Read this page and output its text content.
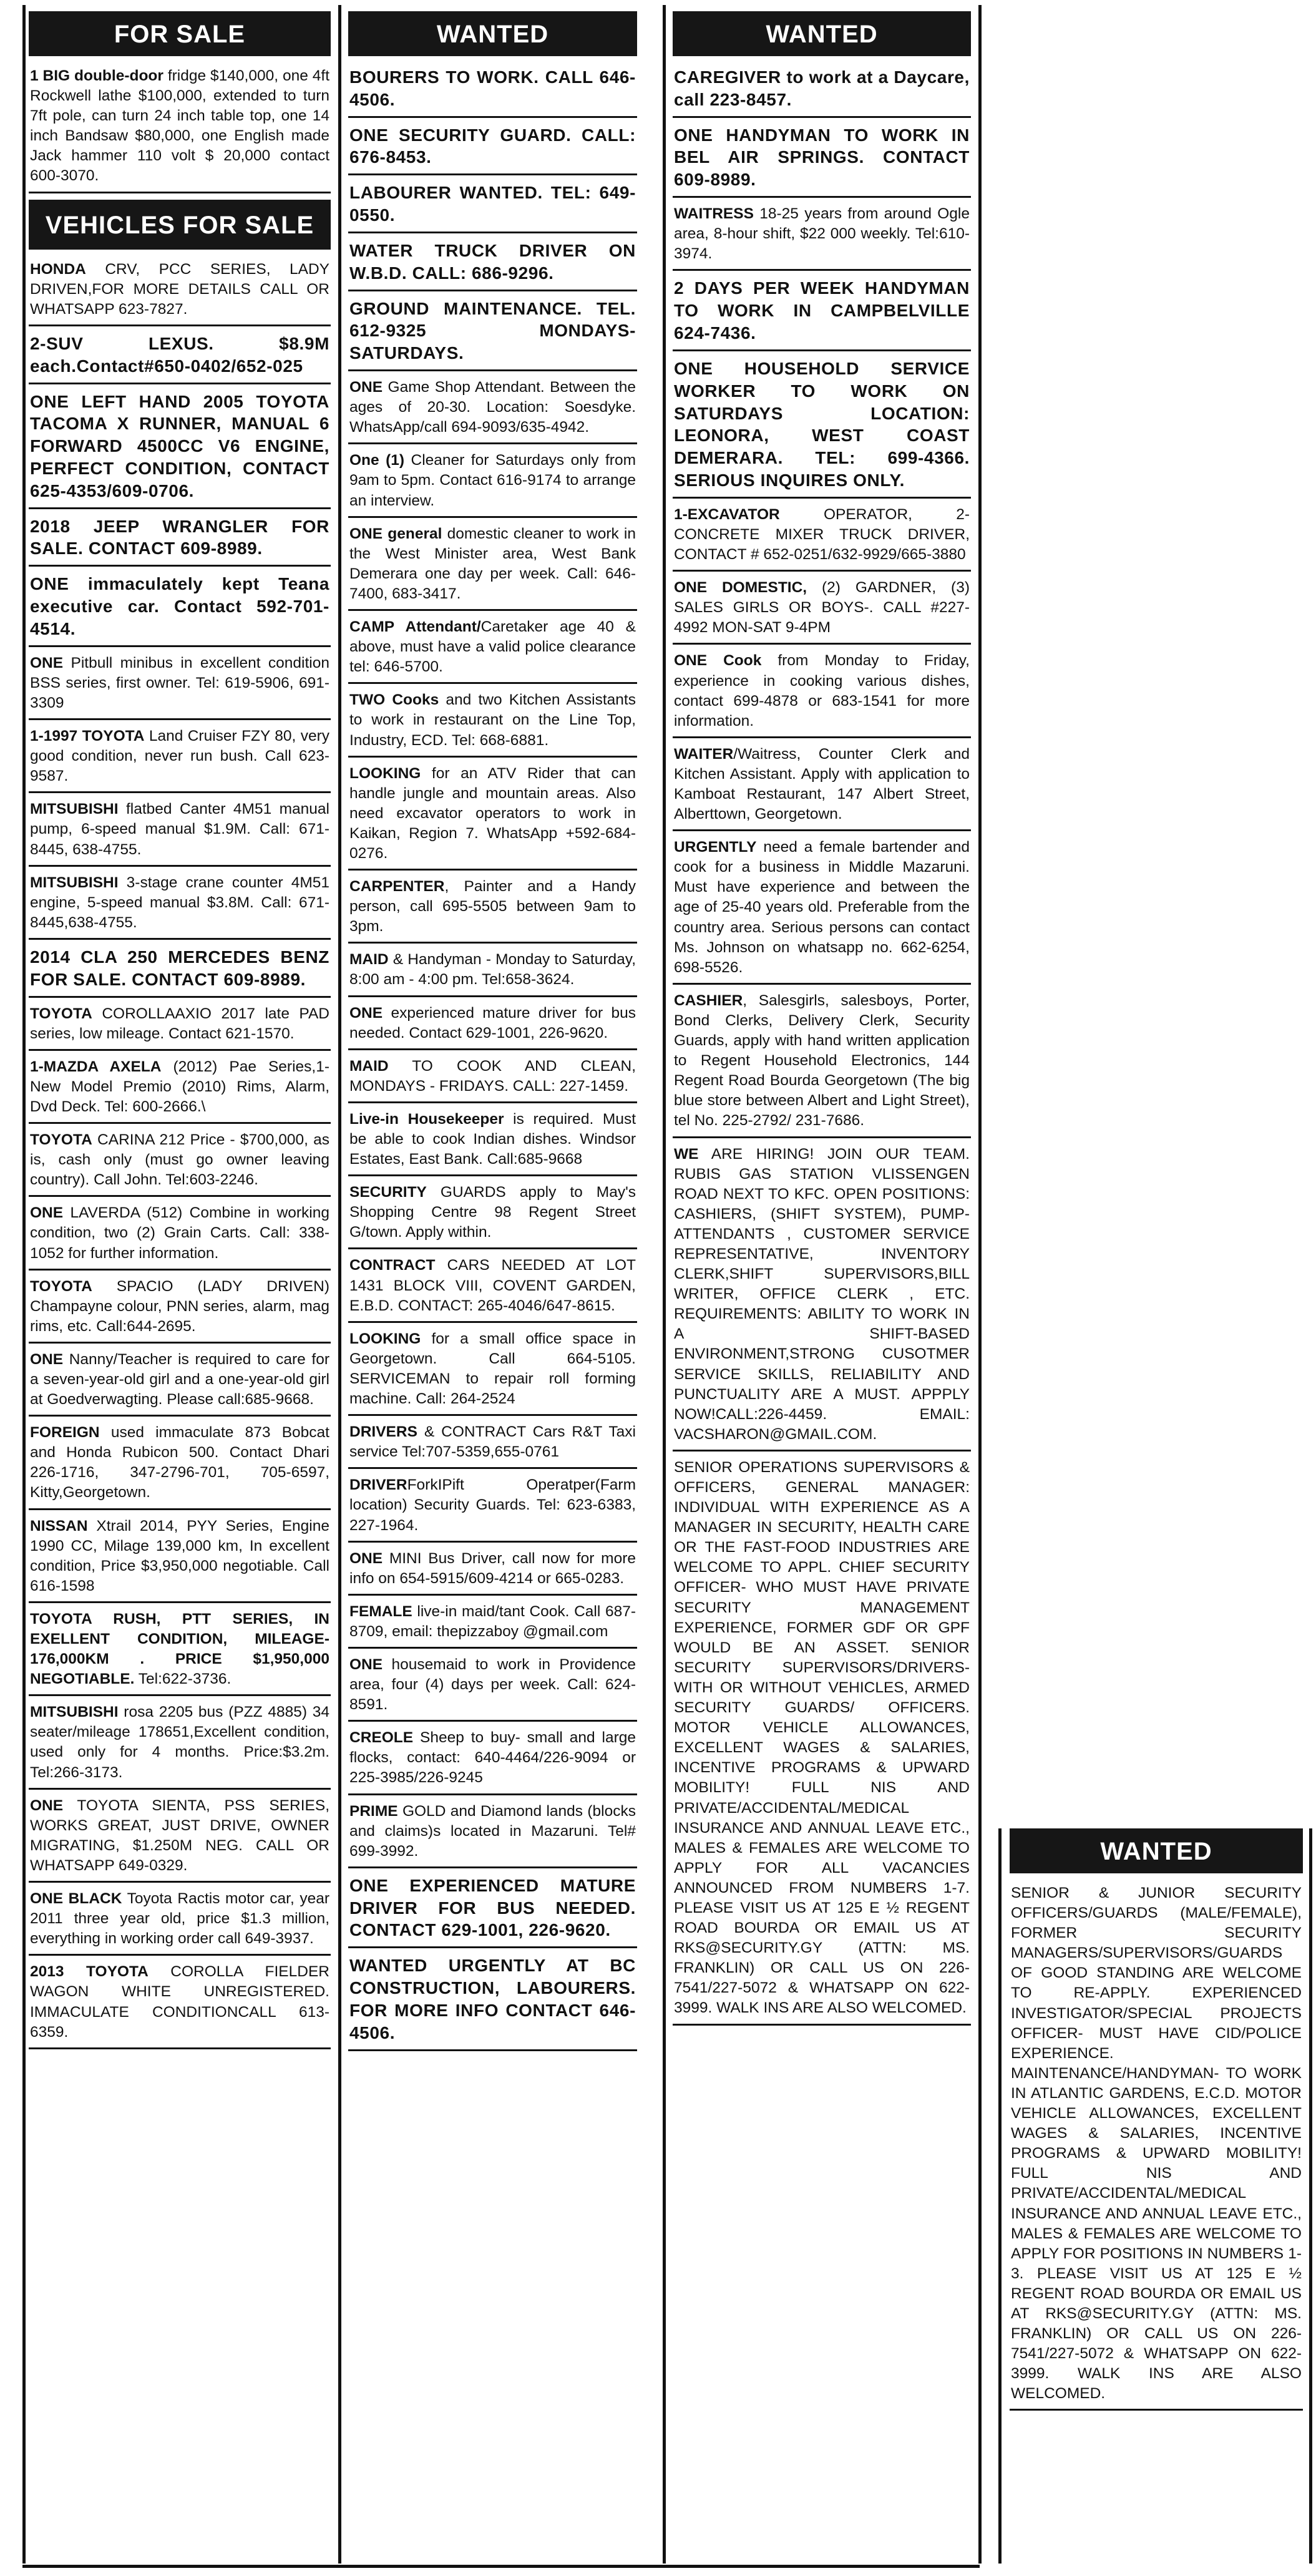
FOR SALE
1 BIG double-door fridge $140,000, one 4ft Rockwell lathe $100,000, extended to turn 7ft pole, can turn 24 inch table top, one 14 inch Bandsaw $80,000, one English made Jack hammer 110 volt $ 20,000 contact 600-3070.
VEHICLES FOR SALE
HONDA CRV, PCC SERIES, LADY DRIVEN,FOR MORE DETAILS CALL OR WHATSAPP 623-7827.
2-SUV LEXUS. $8.9M each.Contact#650-0402/652-025
ONE LEFT HAND 2005 TOYOTA TACOMA X RUNNER, MANUAL 6 FORWARD 4500CC V6 ENGINE, PERFECT CONDITION, CONTACT 625-4353/609-0706.
2018 JEEP WRANGLER FOR SALE. CONTACT 609-8989.
ONE immaculately kept Teana executive car. Contact 592-701-4514.
ONE Pitbull minibus in excellent condition BSS series, first owner. Tel: 619-5906, 691-3309
1-1997 TOYOTA Land Cruiser FZY 80, very good condition, never run bush. Call 623-9587.
MITSUBISHI flatbed Canter 4M51 manual pump, 6-speed manual $1.9M. Call: 671-8445, 638-4755.
MITSUBISHI 3-stage crane counter 4M51 engine, 5-speed manual $3.8M. Call: 671-8445,638-4755.
2014 CLA 250 MERCEDES BENZ FOR SALE. CONTACT 609-8989.
TOYOTA COROLLAAXIO 2017 late PAD series, low mileage. Contact 621-1570.
1-MAZDA AXELA (2012) Pae Series,1- New Model Premio (2010) Rims, Alarm, Dvd Deck. Tel: 600-2666.\
TOYOTA CARINA 212 Price - $700,000, as is, cash only (must go owner leaving country). Call John. Tel:603-2246.
ONE LAVERDA (512) Combine in working condition, two (2) Grain Carts. Call: 338-1052 for further information.
TOYOTA SPACIO (LADY DRIVEN) Champayne colour, PNN series, alarm, mag rims, etc. Call:644-2695.
ONE Nanny/Teacher is required to care for a seven-year-old girl and a one-year-old girl at Goedverwagting. Please call:685-9668.
FOREIGN used immaculate 873 Bobcat and Honda Rubicon 500. Contact Dhari 226-1716, 347-2796-701, 705-6597, Kitty,Georgetown.
NISSAN Xtrail 2014, PYY Series, Engine 1990 CC, Milage 139,000 km, In excellent condition, Price $3,950,000 negotiable. Call 616-1598
TOYOTA RUSH, PTT SERIES, IN EXELLENT CONDITION, MILEAGE-176,000KM . PRICE $1,950,000 NEGOTIABLE. Tel:622-3736.
MITSUBISHI rosa 2205 bus (PZZ 4885) 34 seater/mileage 178651,Excellent condition, used only for 4 months. Price:$3.2m. Tel:266-3173.
ONE TOYOTA SIENTA, PSS SERIES, WORKS GREAT, JUST DRIVE, OWNER MIGRATING, $1.250M NEG. CALL OR WHATSAPP 649-0329.
ONE BLACK Toyota Ractis motor car, year 2011 three year old, price $1.3 million, everything in working order call 649-3937.
2013 TOYOTA COROLLA FIELDER WAGON WHITE UNREGISTERED. IMMACULATE CONDITIONCALL 613-6359.
WANTED
BOURERS TO WORK. CALL 646-4506.
ONE SECURITY GUARD. CALL: 676-8453.
LABOURER WANTED. TEL: 649-0550.
WATER TRUCK DRIVER ON W.B.D. CALL: 686-9296.
GROUND MAINTENANCE. TEL. 612-9325 MONDAYS-SATURDAYS.
ONE Game Shop Attendant. Between the ages of 20-30. Location: Soesdyke. WhatsApp/call 694-9093/635-4942.
One (1) Cleaner for Saturdays only from 9am to 5pm. Contact 616-9174 to arrange an interview.
ONE general domestic cleaner to work in the West Minister area, West Bank Demerara one day per week. Call: 646-7400, 683-3417.
CAMP Attendant/Caretaker age 40 & above, must have a valid police clearance tel: 646-5700.
TWO Cooks and two Kitchen Assistants to work in restaurant on the Line Top, Industry, ECD. Tel: 668-6881.
LOOKING for an ATV Rider that can handle jungle and mountain areas. Also need excavator operators to work in Kaikan, Region 7. WhatsApp +592-684-0276.
CARPENTER, Painter and a Handy person, call 695-5505 between 9am to 3pm.
MAID & Handyman - Monday to Saturday, 8:00 am - 4:00 pm. Tel:658-3624.
ONE experienced mature driver for bus needed. Contact 629-1001, 226-9620.
MAID TO COOK AND CLEAN, MONDAYS - FRIDAYS. CALL: 227-1459.
Live-in Housekeeper is required. Must be able to cook Indian dishes. Windsor Estates, East Bank. Call:685-9668
SECURITY GUARDS apply to May's Shopping Centre 98 Regent Street G/town. Apply within.
CONTRACT CARS NEEDED AT LOT 1431 BLOCK VIII, COVENT GARDEN, E.B.D. CONTACT: 265-4046/647-8615.
LOOKING for a small office space in Georgetown. Call 664-5105. SERVICEMAN to repair roll forming machine. Call: 264-2524
DRIVERS & CONTRACT Cars R&T Taxi service Tel:707-5359,655-0761
DRIVERForkIPift Operatper(Farm location) Security Guards. Tel: 623-6383, 227-1964.
ONE MINI Bus Driver, call now for more info on 654-5915/609-4214 or 665-0283.
FEMALE live-in maid/tant Cook. Call 687-8709, email: thepizzaboy @gmail.com
ONE housemaid to work in Providence area, four (4) days per week. Call: 624-8591.
CREOLE Sheep to buy- small and large flocks, contact: 640-4464/226-9094 or 225-3985/226-9245
PRIME GOLD and Diamond lands (blocks and claims)s located in Mazaruni. Tel# 699-3992.
ONE EXPERIENCED MATURE DRIVER FOR BUS NEEDED. CONTACT 629-1001, 226-9620.
WANTED URGENTLY AT BC CONSTRUCTION, LABOURERS. FOR MORE INFO CONTACT 646-4506.
WANTED
CAREGIVER to work at a Daycare, call 223-8457.
ONE HANDYMAN TO WORK IN BEL AIR SPRINGS. CONTACT 609-8989.
WAITRESS 18-25 years from around Ogle area, 8-hour shift, $22 000 weekly. Tel:610-3974.
2 DAYS PER WEEK HANDYMAN TO WORK IN CAMPBELVILLE 624-7436.
ONE HOUSEHOLD SERVICE WORKER TO WORK ON SATURDAYS LOCATION: LEONORA, WEST COAST DEMERARA. TEL: 699-4366. SERIOUS INQUIRES ONLY.
1-EXCAVATOR OPERATOR, 2- CONCRETE MIXER TRUCK DRIVER, CONTACT # 652-0251/632-9929/665-3880
ONE DOMESTIC, (2) GARDNER, (3) SALES GIRLS OR BOYS-. CALL #227-4992 MON-SAT 9-4PM
ONE Cook from Monday to Friday, experience in cooking various dishes, contact 699-4878 or 683-1541 for more information.
WAITER/Waitress, Counter Clerk and Kitchen Assistant. Apply with application to Kamboat Restaurant, 147 Albert Street, Alberttown, Georgetown.
URGENTLY need a female bartender and cook for a business in Middle Mazaruni. Must have experience and between the age of 25-40 years old. Preferable from the country area. Serious persons can contact Ms. Johnson on whatsapp no. 662-6254, 698-5526.
CASHIER, Salesgirls, salesboys, Porter, Bond Clerks, Delivery Clerk, Security Guards, apply with hand written application to Regent Household Electronics, 144 Regent Road Bourda Georgetown (The big blue store between Albert and Light Street), tel No. 225-2792/ 231-7686.
WE ARE HIRING! JOIN OUR TEAM. RUBIS GAS STATION VLISSENGEN ROAD NEXT TO KFC. OPEN POSITIONS: CASHIERS, (SHIFT SYSTEM), PUMP-ATTENDANTS , CUSTOMER SERVICE REPRESENTATIVE, INVENTORY CLERK,SHIFT SUPERVISORS,BILL WRITER, OFFICE CLERK , ETC. REQUIREMENTS: ABILITY TO WORK IN A SHIFT-BASED ENVIRONMENT,STRONG CUSOTMER SERVICE SKILLS, RELIABILITY AND PUNCTUALITY ARE A MUST. APPPLY NOW!CALL:226-4459. EMAIL: VACSHARON@GMAIL.COM.
SENIOR OPERATIONS SUPERVISORS & OFFICERS, GENERAL MANAGER: INDIVIDUAL WITH EXPERIENCE AS A MANAGER IN SECURITY, HEALTH CARE OR THE FAST-FOOD INDUSTRIES ARE WELCOME TO APPL. CHIEF SECURITY OFFICER- WHO MUST HAVE PRIVATE SECURITY MANAGEMENT EXPERIENCE, FORMER GDF OR GPF WOULD BE AN ASSET. SENIOR SECURITY SUPERVISORS/DRIVERS-WITH OR WITHOUT VEHICLES, ARMED SECURITY GUARDS/ OFFICERS. MOTOR VEHICLE ALLOWANCES, EXCELLENT WAGES & SALARIES, INCENTIVE PROGRAMS & UPWARD MOBILITY! FULL NIS AND PRIVATE/ACCIDENTAL/MEDICAL INSURANCE AND ANNUAL LEAVE ETC., MALES & FEMALES ARE WELCOME TO APPLY FOR ALL VACANCIES ANNOUNCED FROM NUMBERS 1-7. PLEASE VISIT US AT 125 E ½ REGENT ROAD BOURDA OR EMAIL US AT RKS@SECURITY.GY (ATTN: MS. FRANKLIN) OR CALL US ON 226-7541/227-5072 & WHATSAPP ON 622-3999. WALK INS ARE ALSO WELCOMED.
WANTED
SENIOR & JUNIOR SECURITY OFFICERS/GUARDS (MALE/FEMALE), FORMER SECURITY MANAGERS/SUPERVISORS/GUARDS OF GOOD STANDING ARE WELCOME TO RE-APPLY. EXPERIENCED INVESTIGATOR/SPECIAL PROJECTS OFFICER- MUST HAVE CID/POLICE EXPERIENCE. MAINTENANCE/HANDYMAN- TO WORK IN ATLANTIC GARDENS, E.C.D. MOTOR VEHICLE ALLOWANCES, EXCELLENT WAGES & SALARIES, INCENTIVE PROGRAMS & UPWARD MOBILITY! FULL NIS AND PRIVATE/ACCIDENTAL/MEDICAL INSURANCE AND ANNUAL LEAVE ETC., MALES & FEMALES ARE WELCOME TO APPLY FOR POSITIONS IN NUMBERS 1-3. PLEASE VISIT US AT 125 E ½ REGENT ROAD BOURDA OR EMAIL US AT RKS@SECURITY.GY (ATTN: MS. FRANKLIN) OR CALL US ON 226-7541/227-5072 & WHATSAPP ON 622-3999. WALK INS ARE ALSO WELCOMED.
